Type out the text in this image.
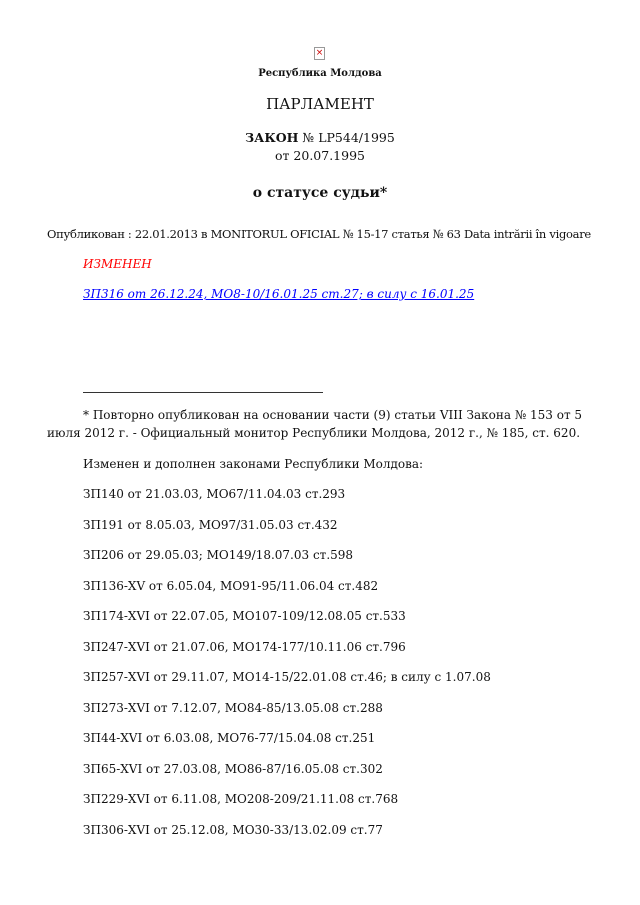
×
Республика Молдова
ПАРЛАМЕНТ
ЗАКОН № LP544/1995
от 20.07.1995
о статусе судьи*
Опубликован : 22.01.2013 в MONITORUL OFICIAL № 15-17 статья № 63 Data intrării în vigoare
ИЗМЕНЕН
ЗП316 от 26.12.24, МО8-10/16.01.25 ст.27; в силу с 16.01.25
* Повторно опубликован на основании части (9) статьи VIII Закона № 153 от 5
июля 2012 г. - Официальный монитор Республики Молдова, 2012 г., № 185, ст. 620.
Изменен и дополнен законами Республики Молдова:
ЗП140 от 21.03.03, МО67/11.04.03 ст.293
ЗП191 от 8.05.03, МО97/31.05.03 ст.432
ЗП206 от 29.05.03; МО149/18.07.03 ст.598
ЗП136-XV от 6.05.04, МО91-95/11.06.04 ст.482
ЗП174-XVI от 22.07.05, МО107-109/12.08.05 ст.533
ЗП247-XVI от 21.07.06, МО174-177/10.11.06 ст.796
ЗП257-XVI от 29.11.07, МО14-15/22.01.08 ст.46; в силу с 1.07.08
ЗП273-XVI от 7.12.07, МО84-85/13.05.08 ст.288
ЗП44-XVI от 6.03.08, МО76-77/15.04.08 ст.251
ЗП65-XVI от 27.03.08, МО86-87/16.05.08 ст.302
ЗП229-XVI от 6.11.08, МО208-209/21.11.08 ст.768
ЗП306-XVI от 25.12.08, МО30-33/13.02.09 ст.77
